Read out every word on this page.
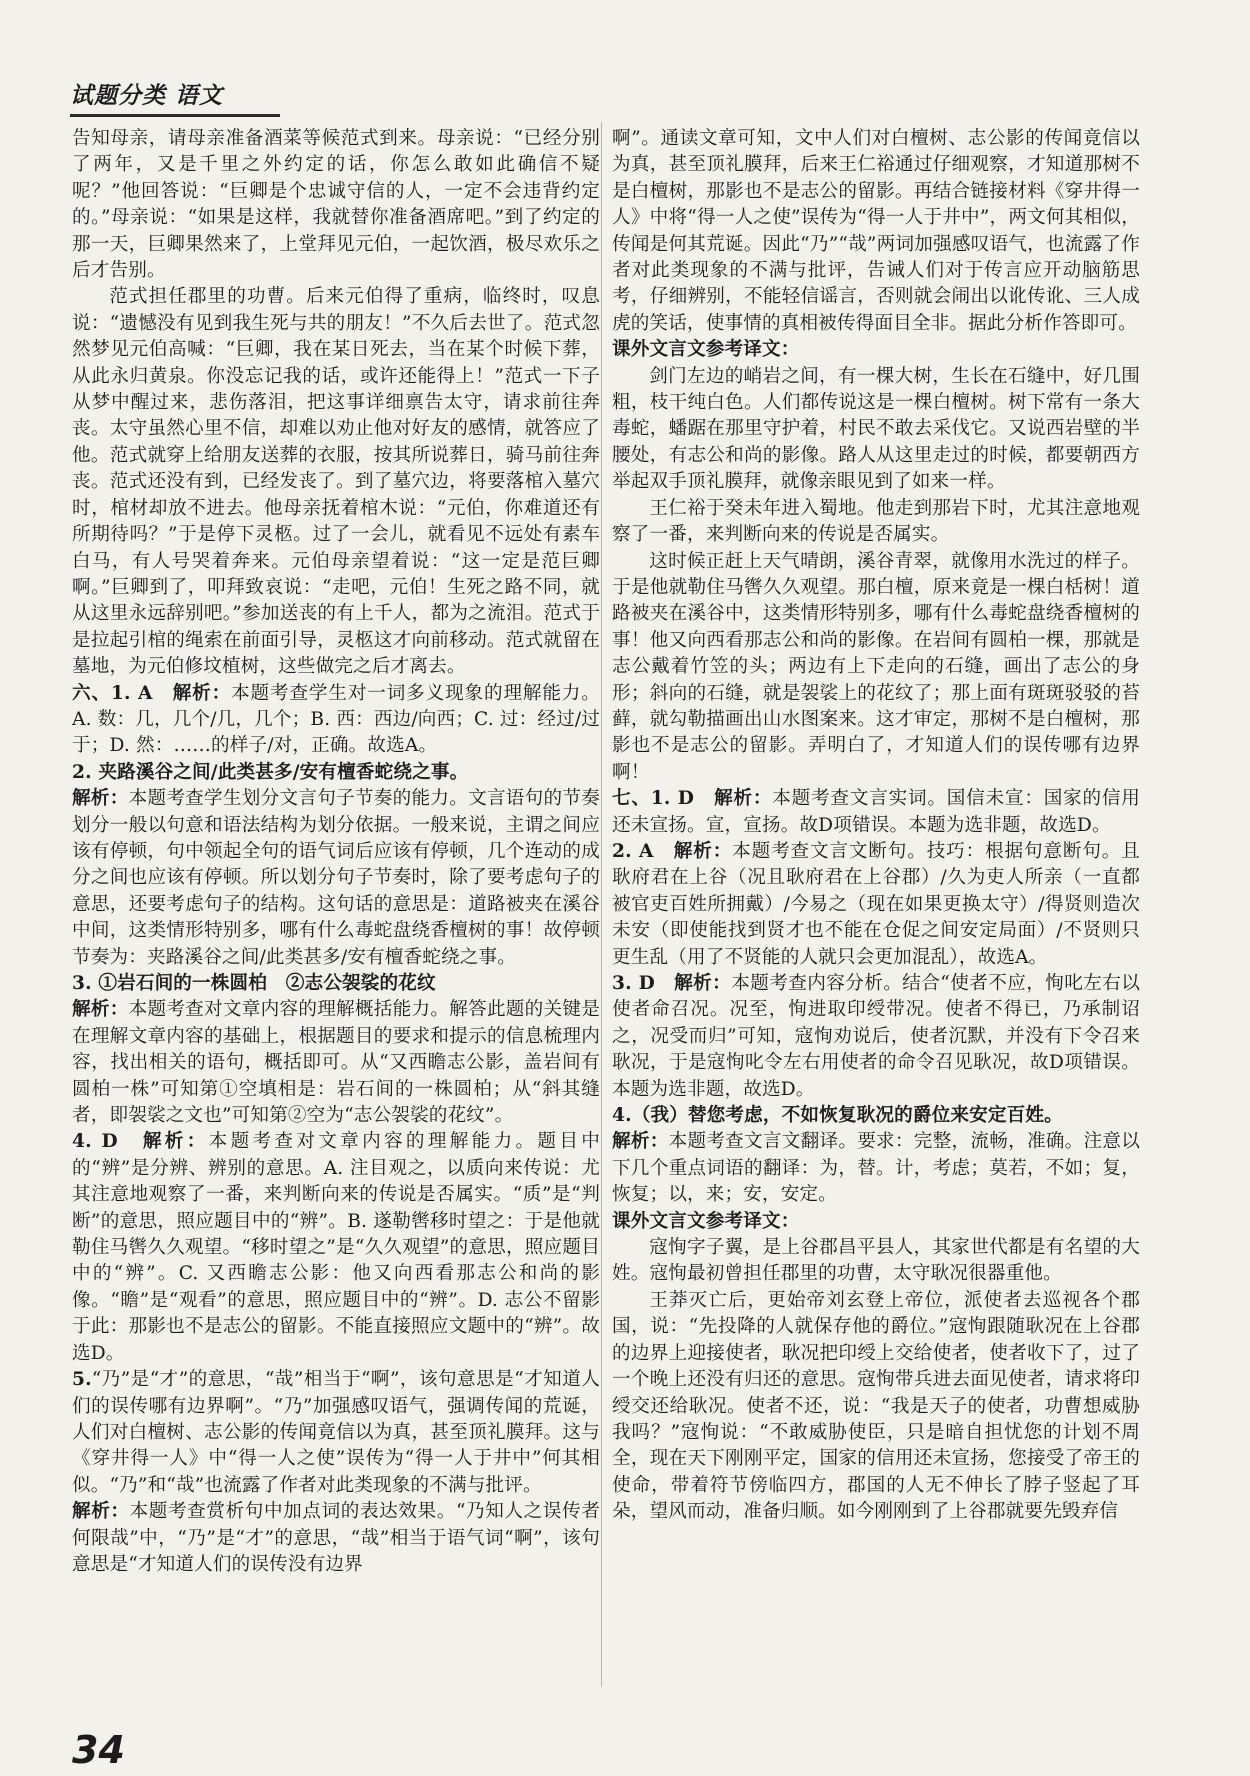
试题分类 语文

告知母亲，请母亲准备酒菜等候范式到来。母亲说：“已经分别了两年，又是千里之外约定的话，你怎么敢如此确信不疑呢？”他回答说：“巨卿是个忠诚守信的人，一定不会违背约定的。”母亲说：“如果是这样，我就替你准备酒席吧。”到了约定的那一天，巨卿果然来了，上堂拜见元伯，一起饮酒，极尽欢乐之后才告别。

范式担任郡里的功曹。后来元伯得了重病，临终时，叹息说：“遗憾没有见到我生死与共的朋友！”不久后去世了。范式忽然梦见元伯高喊：“巨卿，我在某日死去，当在某个时候下葬，从此永归黄泉。你没忘记我的话，或许还能得上！”范式一下子从梦中醒过来，悲伤落泪，把这事详细禀告太守，请求前往奔丧。太守虽然心里不信，却难以劝止他对好友的感情，就答应了他。范式就穿上给朋友送葬的衣服，按其所说葬日，骑马前往奔丧。范式还没有到，已经发丧了。到了墓穴边，将要落棺入墓穴时，棺材却放不进去。他母亲抚着棺木说：“元伯，你难道还有所期待吗？”于是停下灵柩。过了一会儿，就看见不远处有素车白马，有人号哭着奔来。元伯母亲望着说：“这一定是范巨卿啊。”巨卿到了，叩拜致哀说：“走吧，元伯！生死之路不同，就从这里永远辞别吧。”参加送丧的有上千人，都为之流泪。范式于是拉起引棺的绳索在前面引导，灵柩这才向前移动。范式就留在墓地，为元伯修坟植树，这些做完之后才离去。

六、1. A　 解析：本题考查学生对一词多义现象的理解能力。A. 数：几，几个/几，几个；B. 西：西边/向西；C. 过：经过/过于；D. 然：……的样子/对，正确。故选A。

2. 夹路溪谷之间/此类甚多/安有檀香蛇绕之事。

解析：本题考查学生划分文言句子节奏的能力。文言语句的节奏划分一般以句意和语法结构为划分依据。一般来说，主谓之间应该有停顿，句中领起全句的语气词后应该有停顿，几个连动的成分之间也应该有停顿。所以划分句子节奏时，除了要考虑句子的意思，还要考虑句子的结构。这句话的意思是：道路被夹在溪谷中间，这类情形特别多，哪有什么毒蛇盘绕香檀树的事！故停顿节奏为：夹路溪谷之间/此类甚多/安有檀香蛇绕之事。

3. ①岩石间的一株圆柏　②志公袈裟的花纹

解析：本题考查对文章内容的理解概括能力。解答此题的关键是在理解文章内容的基础上，根据题目的要求和提示的信息梳理内容，找出相关的语句，概括即可。从“又西瞻志公影，盖岩间有圆柏一株”可知第①空填相是：岩石间的一株圆柏；从“斜其缝者，即袈裟之文也”可知第②空为“志公袈裟的花纹”。

4. D　 解析：本题考查对文章内容的理解能力。题目中的“辨”是分辨、辨别的意思。A. 注目观之，以质向来传说：尤其注意地观察了一番，来判断向来的传说是否属实。“质”是“判断”的意思，照应题目中的“辨”。B. 遂勒辔移时望之：于是他就勒住马辔久久观望。“移时望之”是“久久观望”的意思，照应题目中的“辨”。C. 又西瞻志公影：他又向西看那志公和尚的影像。“瞻”是“观看”的意思，照应题目中的“辨”。D. 志公不留影于此：那影也不是志公的留影。不能直接照应文题中的“辨”。故选D。

5.“乃”是“才”的意思，“哉”相当于“啊”，该句意思是“才知道人们的误传哪有边界啊”。“乃”加强感叹语气，强调传闻的荒诞，人们对白檀树、志公影的传闻竟信以为真，甚至顶礼膜拜。这与《穿井得一人》中“得一人之使”误传为“得一人于井中”何其相似。“乃”和“哉”也流露了作者对此类现象的不满与批评。

解析：本题考查赏析句中加点词的表达效果。“乃知人之误传者何限哉”中，“乃”是“才”的意思，“哉”相当于语气词“啊”，该句意思是“才知道人们的误传没有边界

啊”。通读文章可知，文中人们对白檀树、志公影的传闻竟信以为真，甚至顶礼膜拜，后来王仁裕通过仔细观察，才知道那树不是白檀树，那影也不是志公的留影。再结合链接材料《穿井得一人》中将“得一人之使”误传为“得一人于井中”，两文何其相似，传闻是何其荒诞。因此“乃”“哉”两词加强感叹语气，也流露了作者对此类现象的不满与批评，告诫人们对于传言应开动脑筋思考，仔细辨别，不能轻信谣言，否则就会闹出以讹传讹、三人成虎的笑话，使事情的真相被传得面目全非。据此分析作答即可。

课外文言文参考译文：

剑门左边的峭岩之间，有一棵大树，生长在石缝中，好几围粗，枝干纯白色。人们都传说这是一棵白檀树。树下常有一条大毒蛇，蟠踞在那里守护着，村民不敢去采伐它。又说西岩壁的半腰处，有志公和尚的影像。路人从这里走过的时候，都要朝西方举起双手顶礼膜拜，就像亲眼见到了如来一样。

王仁裕于癸未年进入蜀地。他走到那岩下时，尤其注意地观察了一番，来判断向来的传说是否属实。

这时候正赶上天气晴朗，溪谷青翠，就像用水洗过的样子。于是他就勒住马辔久久观望。那白檀，原来竟是一棵白栝树！道路被夹在溪谷中，这类情形特别多，哪有什么毒蛇盘绕香檀树的事！他又向西看那志公和尚的影像。在岩间有圆柏一棵，那就是志公戴着竹笠的头；两边有上下走向的石缝，画出了志公的身形；斜向的石缝，就是袈裟上的花纹了；那上面有斑斑驳驳的苔藓，就勾勒描画出山水图案来。这才审定，那树不是白檀树，那影也不是志公的留影。弄明白了，才知道人们的误传哪有边界啊！

七、1. D　 解析：本题考查文言实词。国信未宣：国家的信用还未宣扬。宣，宣扬。故D项错误。本题为选非题，故选D。

2. A　 解析：本题考查文言文断句。技巧：根据句意断句。且耿府君在上谷（况且耿府君在上谷郡）/久为吏人所亲（一直都被官吏百姓所拥戴）/今易之（现在如果更换太守）/得贤则造次未安（即使能找到贤才也不能在仓促之间安定局面）/不贤则只更生乱（用了不贤能的人就只会更加混乱），故选A。

3. D　 解析：本题考查内容分析。结合“使者不应，恂叱左右以使者命召况。况至，恂进取印绶带况。使者不得已，乃承制诏之，况受而归”可知，寇恂劝说后，使者沉默，并没有下令召来耿况，于是寇恂叱令左右用使者的命令召见耿况，故D项错误。本题为选非题，故选D。

4.（我）替您考虑，不如恢复耿况的爵位来安定百姓。

解析：本题考查文言文翻译。要求：完整，流畅，准确。注意以下几个重点词语的翻译：为，替。计，考虑；莫若，不如；复，恢复；以，来；安，安定。

课外文言文参考译文：

寇恂字子翼，是上谷郡昌平县人，其家世代都是有名望的大姓。寇恂最初曾担任郡里的功曹，太守耿况很器重他。

王莽灭亡后，更始帝刘玄登上帝位，派使者去巡视各个郡国，说：“先投降的人就保存他的爵位。”寇恂跟随耿况在上谷郡的边界上迎接使者，耿况把印绶上交给使者，使者收下了，过了一个晚上还没有归还的意思。寇恂带兵进去面见使者，请求将印绶交还给耿况。使者不还，说：“我是天子的使者，功曹想威胁我吗？”寇恂说：“不敢威胁使臣，只是暗自担忧您的计划不周全，现在天下刚刚平定，国家的信用还未宣扬，您接受了帝王的使命，带着符节傍临四方，郡国的人无不伸长了脖子竖起了耳朵，望风而动，准备归顺。如今刚刚到了上谷郡就要先毁弃信

34
